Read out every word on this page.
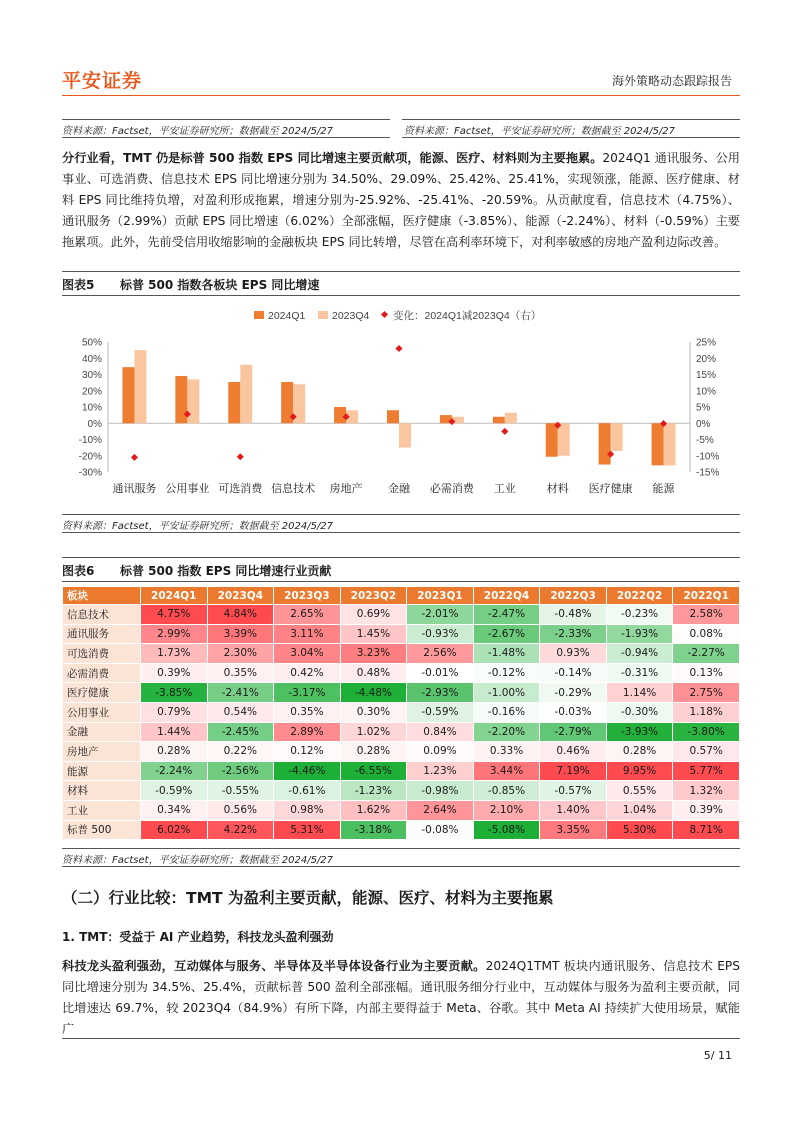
平安证券	海外策略动态跟踪报告
资料来源：Factset，平安证券研究所；数据截至 2024/5/27	资料来源：Factset，平安证券研究所；数据截至 2024/5/27
分行业看，TMT 仍是标普 500 指数 EPS 同比增速主要贡献项，能源、医疗、材料则为主要拖累。2024Q1 通讯服务、公用事业、可选消费、信息技术 EPS 同比增速分别为 34.50%、29.09%、25.42%、25.41%，实现领涨，能源、医疗健康、材料 EPS 同比维持负增，对盈利形成拖累，增速分别为-25.92%、-25.41%、-20.59%。从贡献度看，信息技术（4.75%）、通讯服务（2.99%）贡献 EPS 同比增速（6.02%）全部涨幅，医疗健康（-3.85%）、能源（-2.24%）、材料（-0.59%）主要拖累项。此外，先前受信用收缩影响的金融板块 EPS 同比转增，尽管在高利率环境下，对利率敏感的房地产盈利边际改善。
图表5 标普 500 指数各板块 EPS 同比增速
50%
40%
30%
20%
10%
0%
-10%
-20%
-30%
25%
20%
15%
10%
5%
0%
-5%
-10%
-15%
通讯服务 公用事业 可选消费 信息技术 房地产 金融 必需消费 工业	材料 医疗健康 能源
2024Q1	2023Q4 变化：2024Q1减2023Q4（右）
资料来源：Factset，平安证券研究所；数据截至 2024/5/27
图表6 标普 500 指数 EPS 同比增速行业贡献
板块	2024Q1	2023Q4	2023Q3	2023Q2	2023Q1	2022Q4	2022Q3	2022Q2	2022Q1
信息技术	4.75%	4.84%	2.65%	0.69%	-2.01%	-2.47%	-0.48%	-0.23%	2.58%
通讯服务	2.99%	3.39%	3.11%	1.45%	-0.93%	-2.67%	-2.33%	-1.93%	0.08%
可选消费	1.73%	2.30%	3.04%	3.23%	2.56%	-1.48%	0.93%	-0.94%	-2.27%
必需消费	0.39%	0.35%	0.42%	0.48%	-0.01%	-0.12%	-0.14%	-0.31%	0.13%
医疗健康	-3.85%	-2.41%	-3.17%	-4.48%	-2.93%	-1.00%	-0.29%	1.14%	2.75%
公用事业	0.79%	0.54%	0.35%	0.30%	-0.59%	-0.16%	-0.03%	-0.30%	1.18%
金融	1.44%	-2.45%	2.89%	1.02%	0.84%	-2.20%	-2.79%	-3.93%	-3.80%
房地产	0.28%	0.22%	0.12%	0.28%	0.09%	0.33%	0.46%	0.28%	0.57%
能源	-2.24%	-2.56%	-4.46%	-6.55%	1.23%	3.44%	7.19%	9.95%	5.77%
材料	-0.59%	-0.55%	-0.61%	-1.23%	-0.98%	-0.85%	-0.57%	0.55%	1.32%
工业	0.34%	0.56%	0.98%	1.62%	2.64%	2.10%	1.40%	1.04%	0.39%
标普 500	6.02%	4.22%	5.31%	-3.18%	-0.08%	-5.08%	3.35%	5.30%	8.71%
资料来源：Factset，平安证券研究所；数据截至 2024/5/27
（二）行业比较：TMT 为盈利主要贡献，能源、医疗、材料为主要拖累
1. TMT：受益于 AI 产业趋势，科技龙头盈利强劲
科技龙头盈利强劲，互动媒体与服务、半导体及半导体设备行业为主要贡献。2024Q1TMT 板块内通讯服务、信息技术 EPS 同比增速分别为 34.5%、25.4%，贡献标普 500 盈利全部涨幅。通讯服务细分行业中，互动媒体与服务为盈利主要贡献，同比增速达 69.7%，较 2023Q4（84.9%）有所下降，内部主要得益于 Meta、谷歌。其中 Meta AI 持续扩大使用场景，赋能广
5/ 11
